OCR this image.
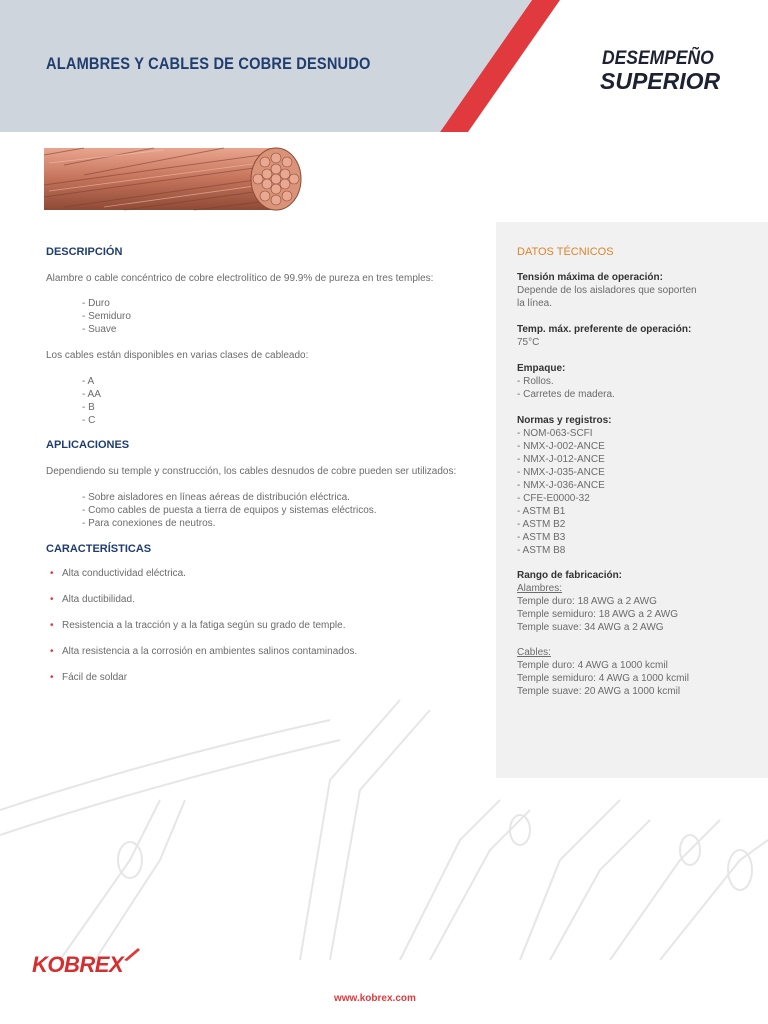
ALAMBRES Y CABLES DE COBRE DESNUDO	DESEMPEÑO
SUPERIOR
DESCRIPCIÓN
Alambre o cable concéntrico de cobre electrolítico de 99.9% de pureza en tres temples:
- Duro
- Semiduro
- Suave
Los cables están disponibles en varias clases de cableado:
- A
- AA
- B
- C
APLICACIONES
Dependiendo su temple y construcción, los cables desnudos de cobre pueden ser utilizados:
- Sobre aisladores en líneas aéreas de distribución eléctrica.
- Como cables de puesta a tierra de equipos y sistemas eléctricos.
- Para conexiones de neutros.
CARACTERÍSTICAS
• Alta conductividad eléctrica.
• Alta ductibilidad.
• Resistencia a la tracción y a la fatiga según su grado de temple.
• Alta resistencia a la corrosión en ambientes salinos contaminados.
• Fácil de soldar
DATOS TÉCNICOS
Tensión máxima de operación:
Depende de los aisladores que soporten
la línea.
Temp. máx. preferente de operación:
75°C
Empaque:
- Rollos.
- Carretes de madera.
Normas y registros:
- NOM-063-SCFI
- NMX-J-002-ANCE
- NMX-J-012-ANCE
- NMX-J-035-ANCE
- NMX-J-036-ANCE
- CFE-E0000-32
- ASTM B1
- ASTM B2
- ASTM B3
- ASTM B8
Rango de fabricación:
Alambres:
Temple duro: 18 AWG a 2 AWG
Temple semiduro: 18 AWG a 2 AWG
Temple suave: 34 AWG a 2 AWG
Cables:
Temple duro: 4 AWG a 1000 kcmil
Temple semiduro: 4 AWG a 1000 kcmil
Temple suave: 20 AWG a 1000 kcmil
KOBREX
www.kobrex.com
